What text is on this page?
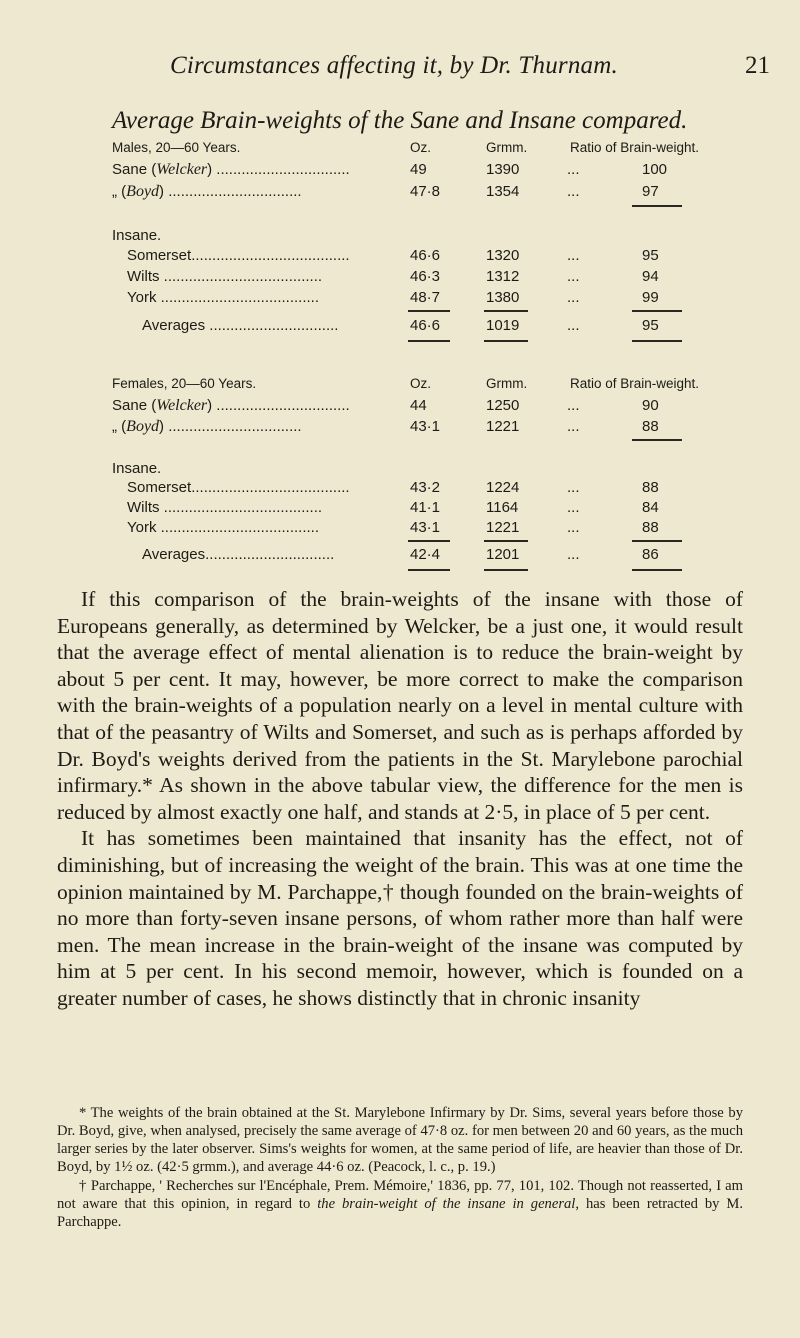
Circumstances affecting it, by Dr. Thurnam.	21
Average Brain-weights of the Sane and Insane compared.
Males, 20—60 Years.	Oz.	Grmm.	Ratio of Brain-weight.
Sane (Welcker) ................................	49	1390	...	100
„ (Boyd) ................................	47·8	1354	...	97
Insane.
Somerset......................................	46·6	1320	...	95
Wilts ......................................	46·3	1312	...	94
York ......................................	48·7	1380	...	99
Averages ...............................	46·6	1019	...	95
Females, 20—60 Years.	Oz.	Grmm.	Ratio of Brain-weight.
Sane (Welcker) ................................	44	1250	...	90
„ (Boyd) ................................	43·1	1221	...	88
Insane.
Somerset......................................	43·2	1224	...	88
Wilts ......................................	41·1	1164	...	84
York ......................................	43·1	1221	...	88
Averages...............................	42·4	1201	...	86

If this comparison of the brain-weights of the insane with those of Europeans generally, as determined by Welcker, be a just one, it would result that the average effect of mental alienation is to reduce the brain-weight by about 5 per cent. It may, however, be more correct to make the comparison with the brain-weights of a population nearly on a level in mental culture with that of the peasantry of Wilts and Somerset, and such as is perhaps afforded by Dr. Boyd's weights derived from the patients in the St. Marylebone parochial infirmary.* As shown in the above tabular view, the difference for the men is reduced by almost exactly one half, and stands at 2·5, in place of 5 per cent.

It has sometimes been maintained that insanity has the effect, not of diminishing, but of increasing the weight of the brain. This was at one time the opinion maintained by M. Parchappe,† though founded on the brain-weights of no more than forty-seven insane persons, of whom rather more than half were men. The mean increase in the brain-weight of the insane was computed by him at 5 per cent. In his second memoir, however, which is founded on a greater number of cases, he shows distinctly that in chronic insanity

* The weights of the brain obtained at the St. Marylebone Infirmary by Dr. Sims, several years before those by Dr. Boyd, give, when analysed, precisely the same average of 47·8 oz. for men between 20 and 60 years, as the much larger series by the later observer. Sims's weights for women, at the same period of life, are heavier than those of Dr. Boyd, by 1½ oz. (42·5 grmm.), and average 44·6 oz. (Peacock, l. c., p. 19.)

† Parchappe, ' Recherches sur l'Encéphale, Prem. Mémoire,' 1836, pp. 77, 101, 102. Though not reasserted, I am not aware that this opinion, in regard to the brain-weight of the insane in general, has been retracted by M. Parchappe.
